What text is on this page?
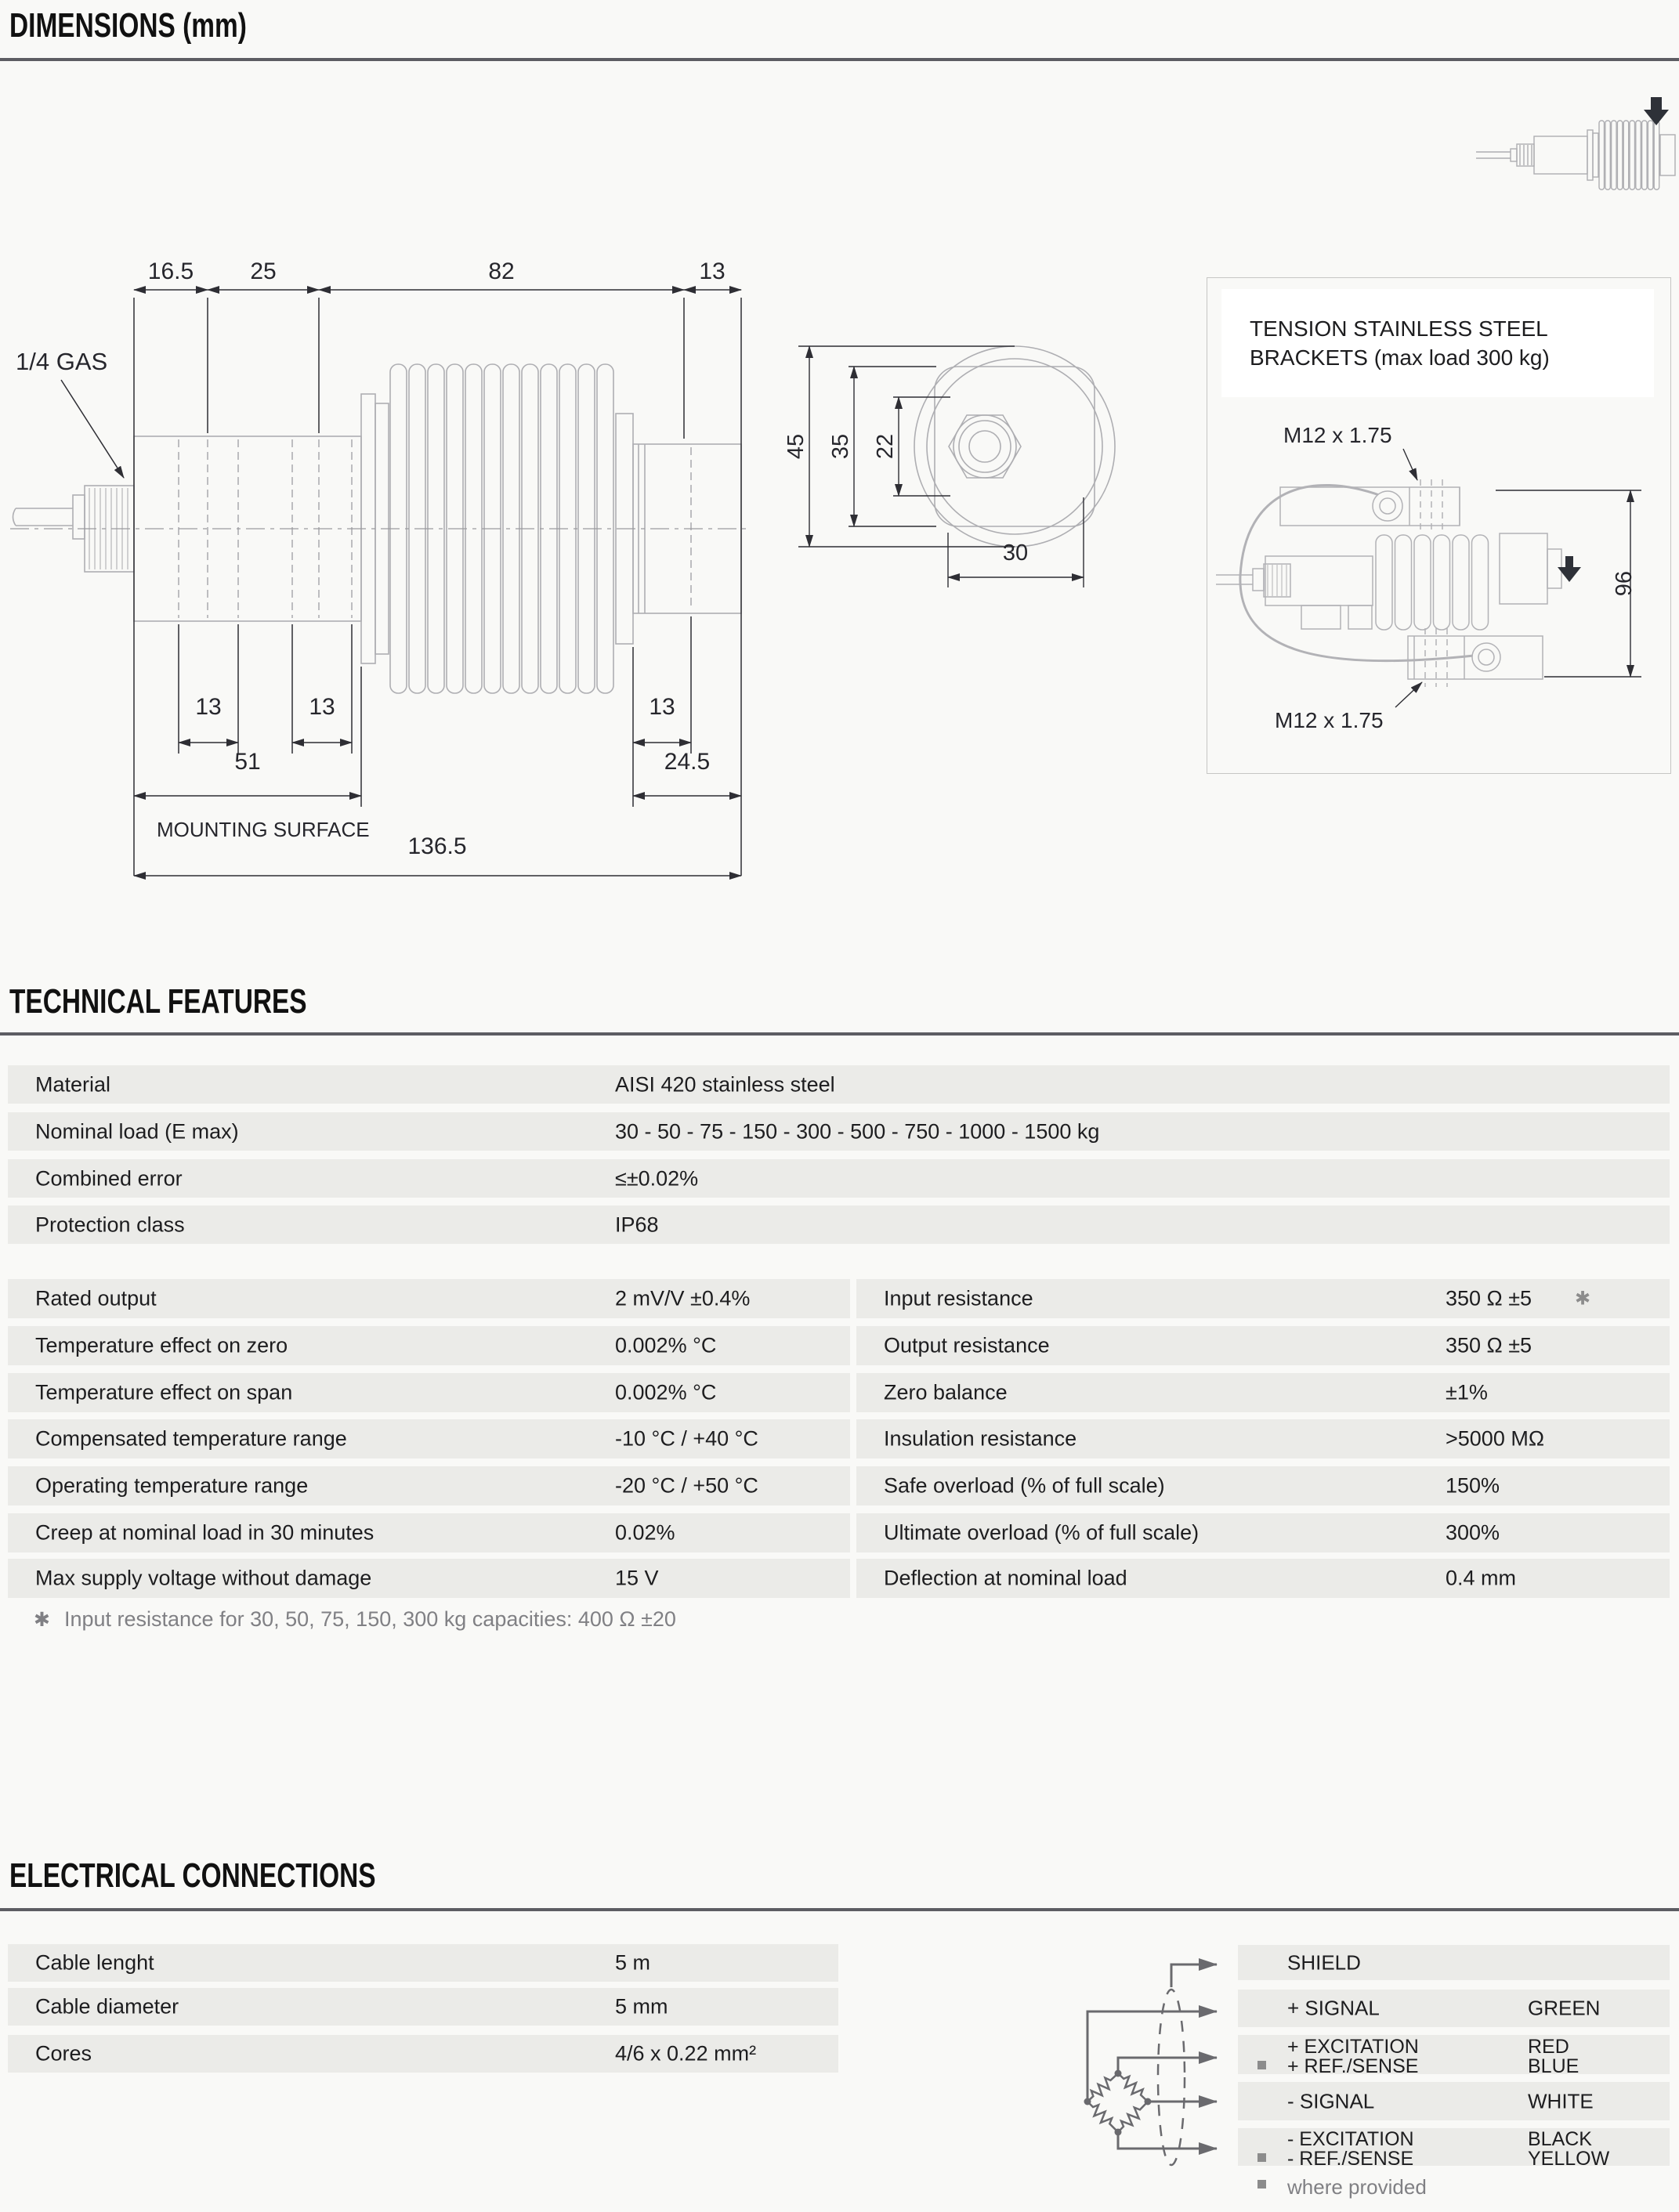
DIMENSIONS (mm)
TECHNICAL FEATURES
ELECTRICAL CONNECTIONS
16.5 25	82	13
1/4 GAS
13	13	13
51	24.5
MOUNTING SURFACE
136.5
45 35 22
30
TENSION STAINLESS STEEL
BRACKETS (max load 300 kg)
M12 x 1.75
M12 x 1.75
96
Material	AISI 420 stainless steel
Nominal load (E max)	30 - 50 - 75 - 150 - 300 - 500 - 750 - 1000 - 1500 kg
Combined error	≤±0.02%
Protection class	IP68
Rated output	2 mV/V ±0.4%
Temperature effect on zero	0.002% °C
Temperature effect on span	0.002% °C
Compensated temperature range	-10 °C / +40 °C
Operating temperature range	-20 °C / +50 °C
Creep at nominal load in 30 minutes	0.02%
Max supply voltage without damage	15 V
Input resistance	350 Ω ±5 ✱
Output resistance	350 Ω ±5
Zero balance	±1%
Insulation resistance	>5000 MΩ
Safe overload (% of full scale)	150%
Ultimate overload (% of full scale)	300%
Deflection at nominal load	0.4 mm
✱ Input resistance for 30, 50, 75, 150, 300 kg capacities: 400 Ω ±20
Cable lenght	5 m
Cable diameter	5 mm
Cores	4/6 x 0.22 mm²
SHIELD
+ SIGNAL	GREEN
+ EXCITATION	RED
+ REF./SENSE	BLUE
- SIGNAL	WHITE
- EXCITATION	BLACK
- REF./SENSE	YELLOW
where provided
